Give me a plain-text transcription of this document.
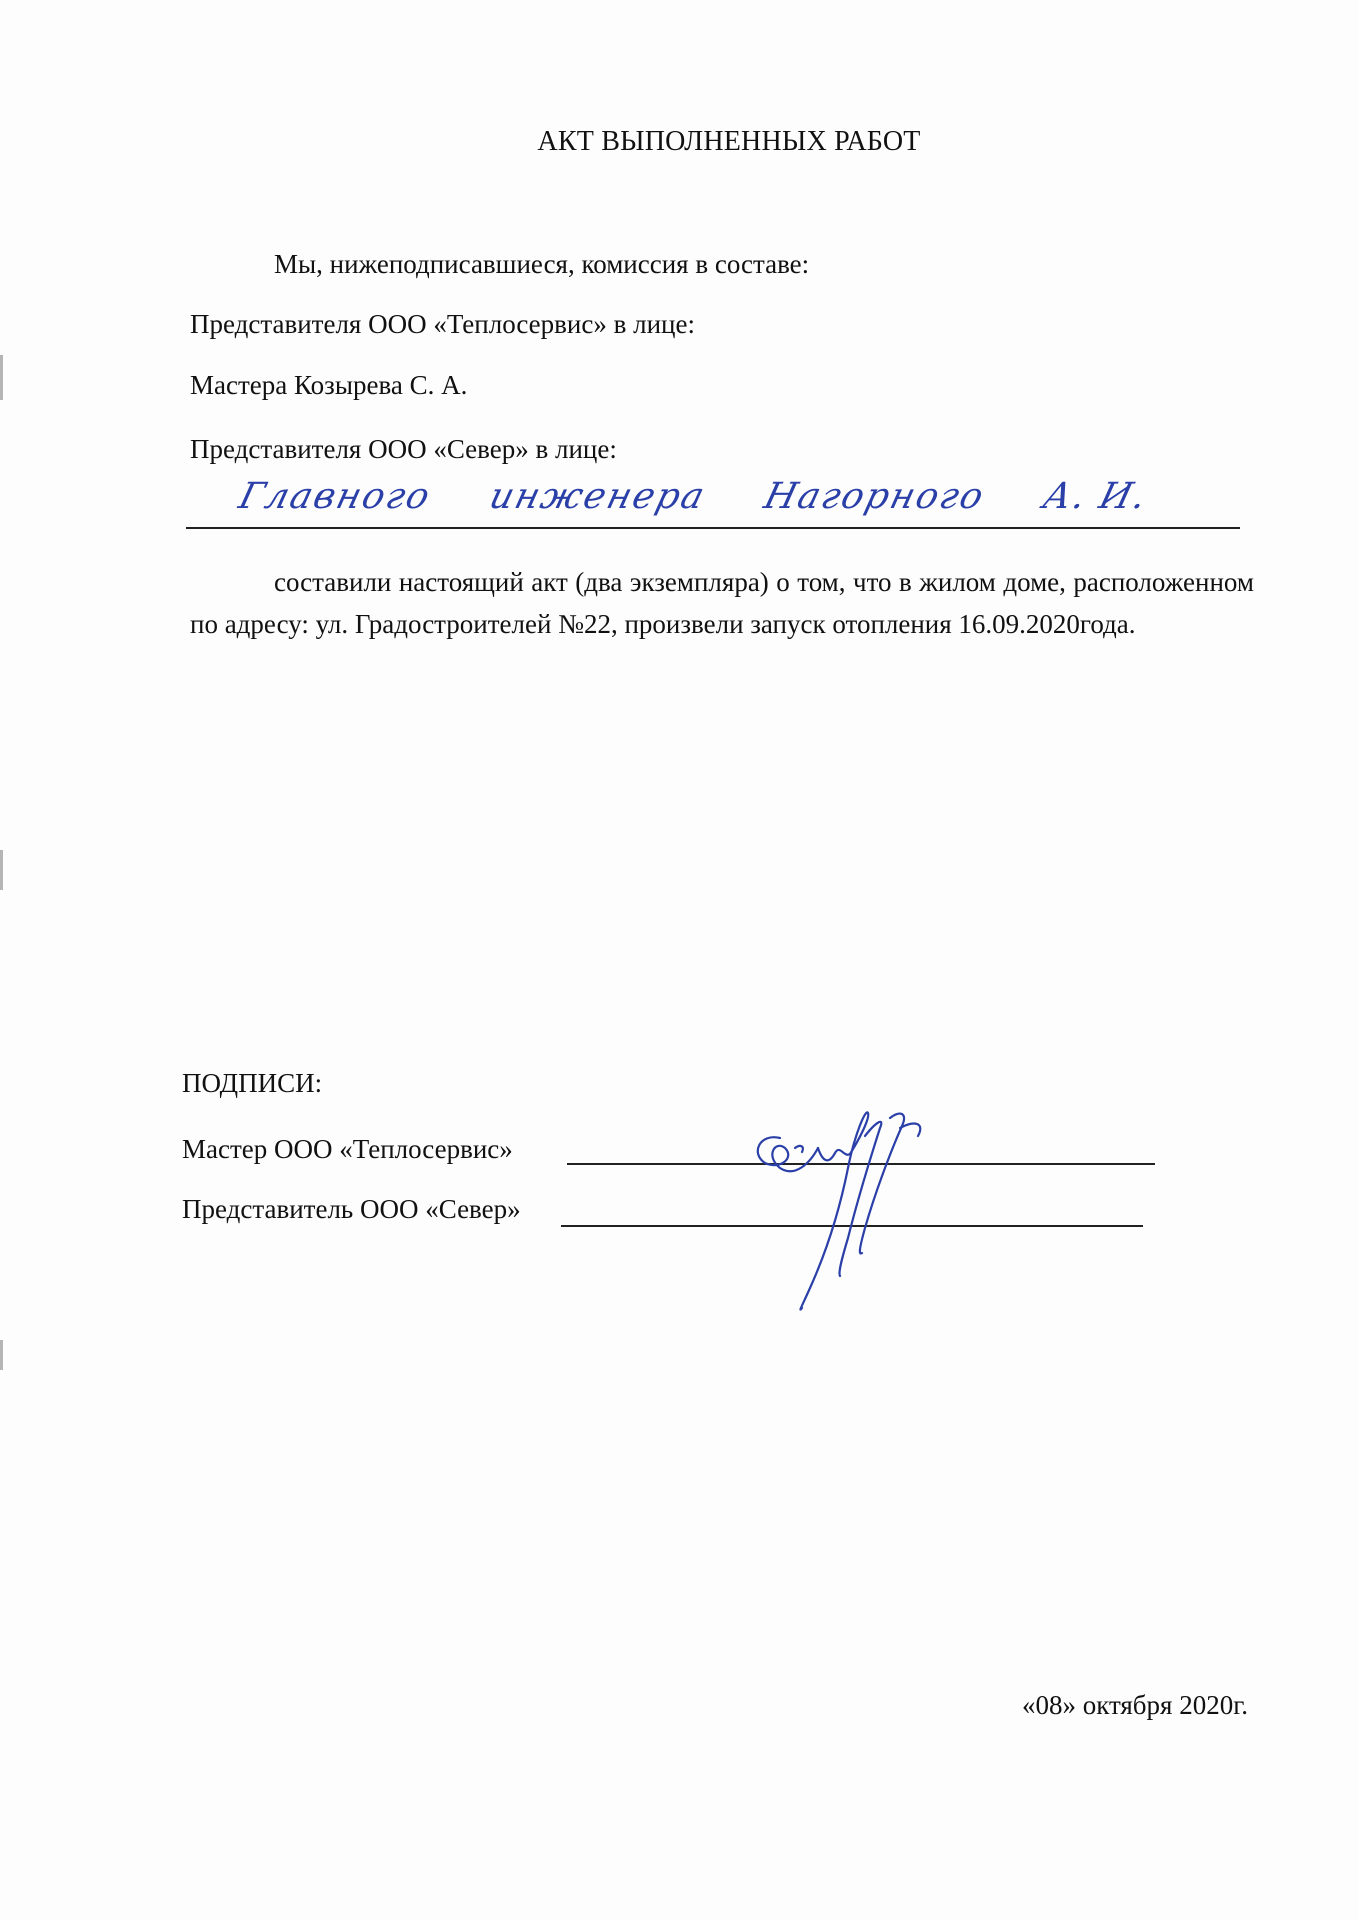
АКТ ВЫПОЛНЕННЫХ РАБОТ
Мы, нижеподписавшиеся, комиссия в составе:
Представителя ООО «Теплосервис» в лице:
Мастера Козырева С. А.
Представителя ООО «Север» в лице:
Главного инженера Нагорного А. И.
составили настоящий акт (два экземпляра) о том, что в жилом доме, расположенном по адресу: ул. Градостроителей №22, произвели запуск отопления 16.09.2020года.
ПОДПИСИ:
Мастер ООО «Теплосервис»
Представитель ООО «Север»
«08» октября 2020г.
